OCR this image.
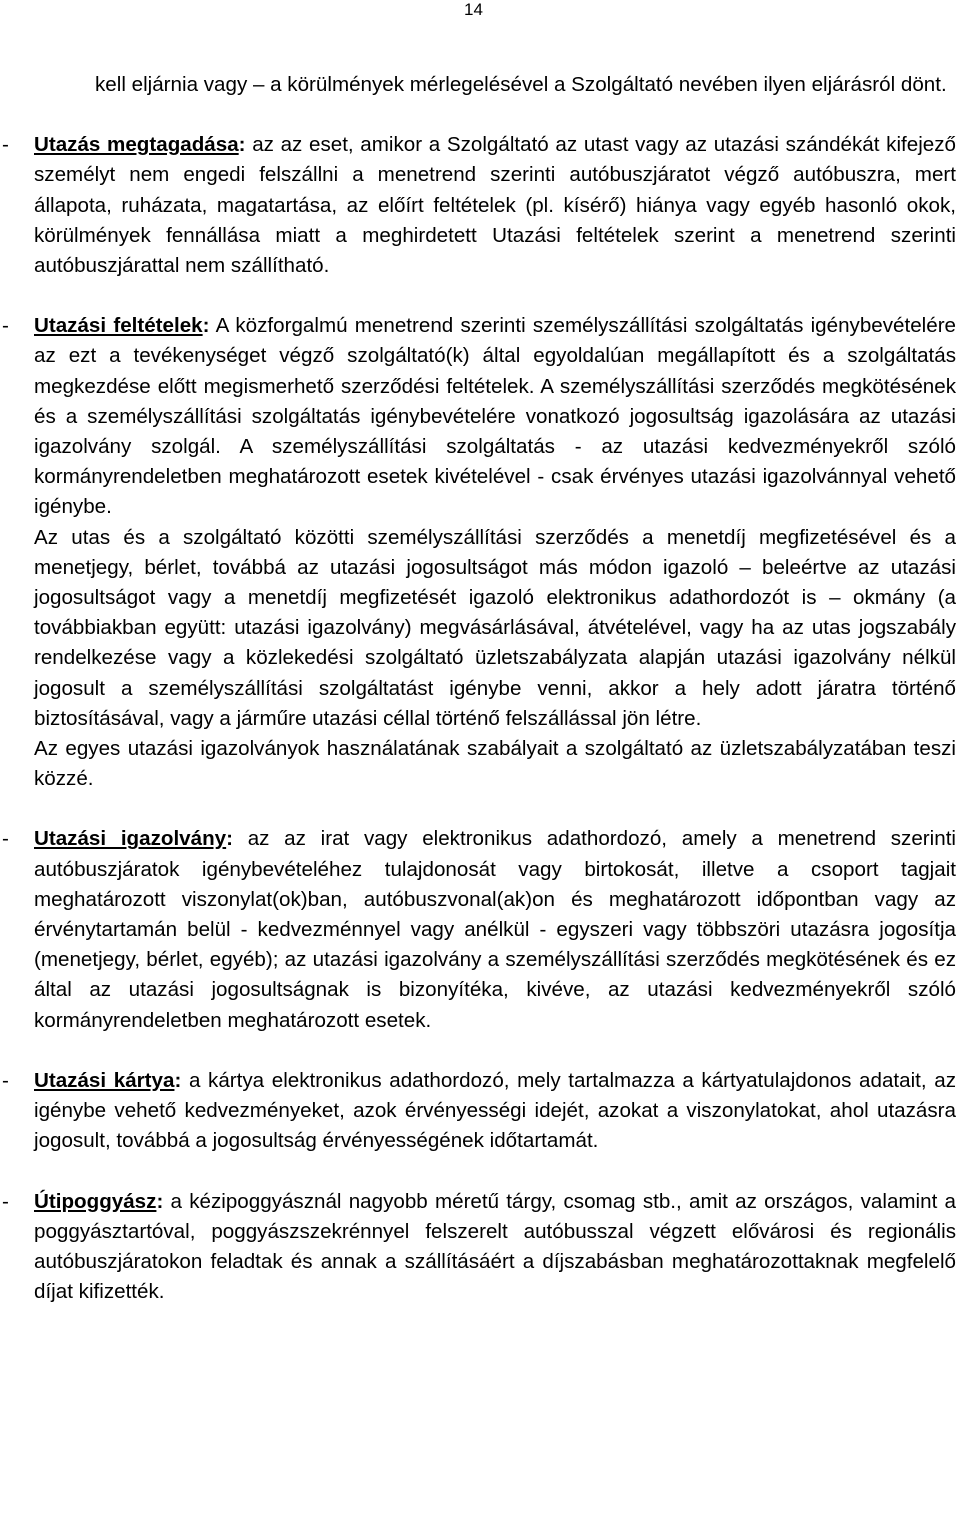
14

kell eljárnia vagy – a körülmények mérlegelésével a Szolgáltató nevében ilyen eljárásról dönt.

- Utazás megtagadása: az az eset, amikor a Szolgáltató az utast vagy az utazási szándékát kifejező személyt nem engedi felszállni a menetrend szerinti autóbuszjáratot végző autóbuszra, mert állapota, ruházata, magatartása, az előírt feltételek (pl. kísérő) hiánya vagy egyéb hasonló okok, körülmények fennállása miatt a meghirdetett Utazási feltételek szerint a menetrend szerinti autóbuszjárattal nem szállítható.

- Utazási feltételek: A közforgalmú menetrend szerinti személyszállítási szolgáltatás igénybevételére az ezt a tevékenységet végző szolgáltató(k) által egyoldalúan megállapított és a szolgáltatás megkezdése előtt megismerhető szerződési feltételek. A személyszállítási szerződés megkötésének és a személyszállítási szolgáltatás igénybevételére vonatkozó jogosultság igazolására az utazási igazolvány szolgál. A személyszállítási szolgáltatás - az utazási kedvezményekről szóló kormányrendeletben meghatározott esetek kivételével - csak érvényes utazási igazolvánnyal vehető igénybe.

Az utas és a szolgáltató közötti személyszállítási szerződés a menetdíj megfizetésével és a menetjegy, bérlet, továbbá az utazási jogosultságot más módon igazoló – beleértve az utazási jogosultságot vagy a menetdíj megfizetését igazoló elektronikus adathordozót is – okmány (a továbbiakban együtt: utazási igazolvány) megvásárlásával, átvételével, vagy ha az utas jogszabály rendelkezése vagy a közlekedési szolgáltató üzletszabályzata alapján utazási igazolvány nélkül jogosult a személyszállítási szolgáltatást igénybe venni, akkor a hely adott járatra történő biztosításával, vagy a járműre utazási céllal történő felszállással jön létre.

Az egyes utazási igazolványok használatának szabályait a szolgáltató az üzletszabályzatában teszi közzé.

- Utazási igazolvány: az az irat vagy elektronikus adathordozó, amely a menetrend szerinti autóbuszjáratok igénybevételéhez tulajdonosát vagy birtokosát, illetve a csoport tagjait meghatározott viszonylat(ok)ban, autóbuszvonal(ak)on és meghatározott időpontban vagy az érvénytartamán belül - kedvezménnyel vagy anélkül - egyszeri vagy többszöri utazásra jogosítja (menetjegy, bérlet, egyéb); az utazási igazolvány a személyszállítási szerződés megkötésének és ez által az utazási jogosultságnak is bizonyítéka, kivéve, az utazási kedvezményekről szóló kormányrendeletben meghatározott esetek.

- Utazási kártya: a kártya elektronikus adathordozó, mely tartalmazza a kártyatulajdonos adatait, az igénybe vehető kedvezményeket, azok érvényességi idejét, azokat a viszonylatokat, ahol utazásra jogosult, továbbá a jogosultság érvényességének időtartamát.

- Útipoggyász: a kézipoggyásznál nagyobb méretű tárgy, csomag stb., amit az országos, valamint a poggyásztartóval, poggyászszekrénnyel felszerelt autóbusszal végzett elővárosi és regionális autóbuszjáratokon feladtak és annak a szállításáért a díjszabásban meghatározottaknak megfelelő díjat kifizették.
